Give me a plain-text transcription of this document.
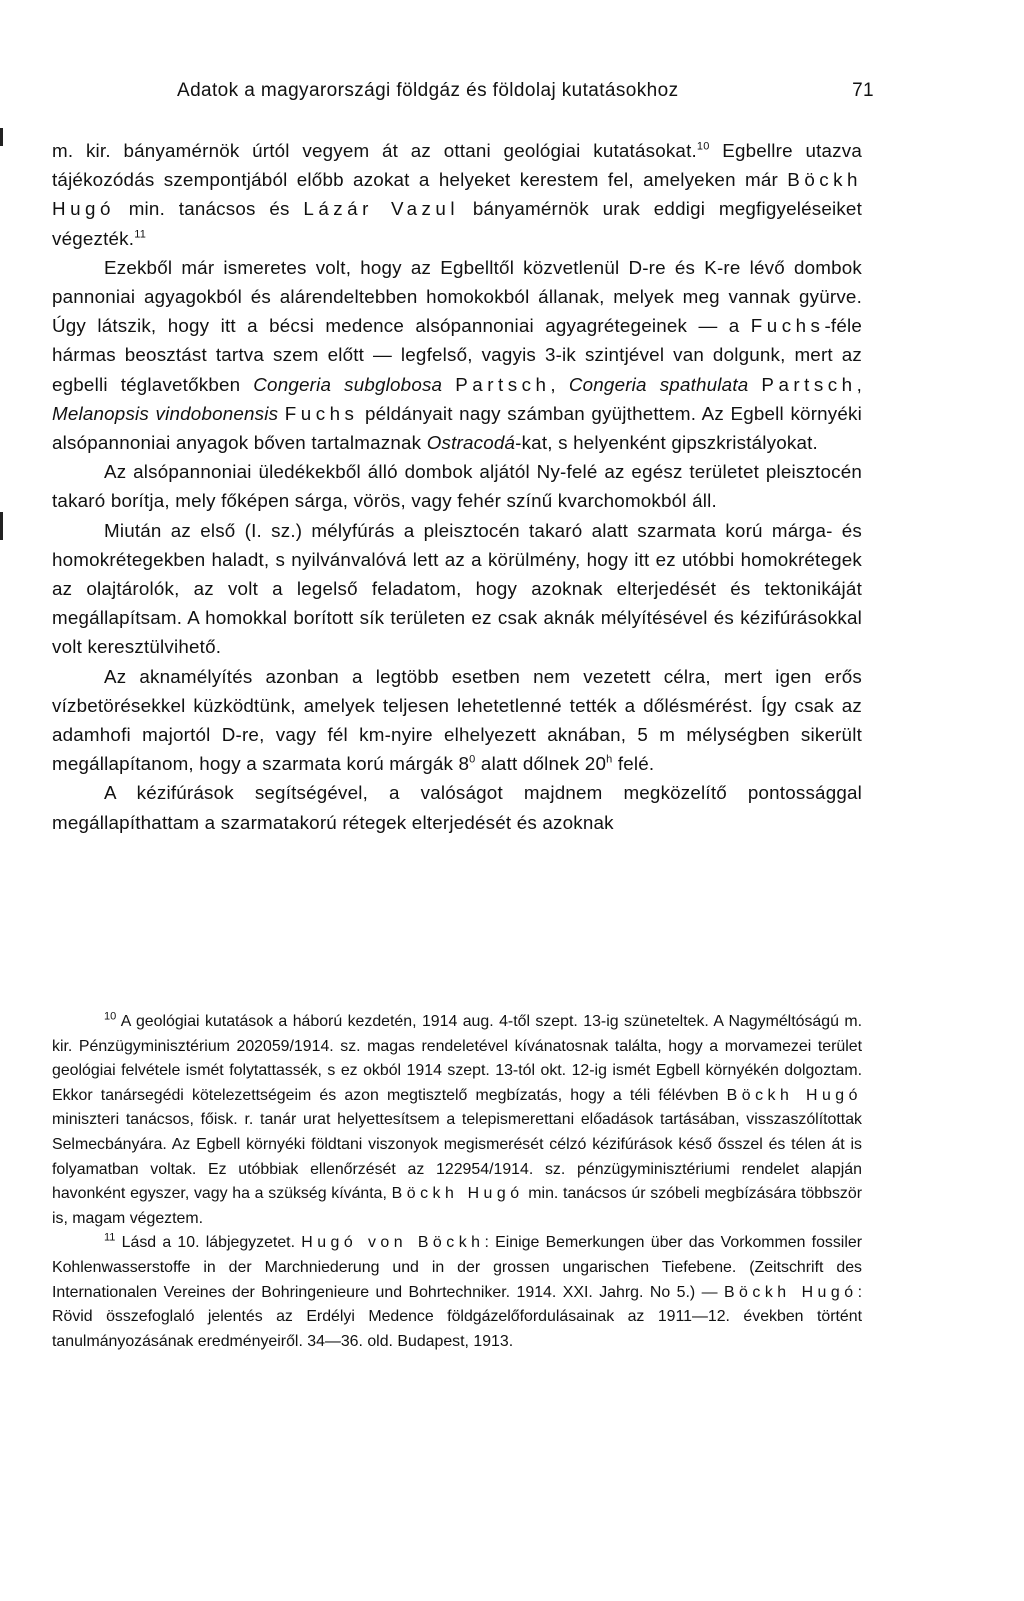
Adatok a magyarországi földgáz és földolaj kutatásokhoz	71

m. kir. bányamérnök úrtól vegyem át az ottani geológiai kutatásokat.$^{10}$ Egbellre utazva tájékozódás szempontjából előbb azokat a helyeket kerestem fel, amelyeken már Böckh Hugó min. tanácsos és Lázár Vazul bányamérnök urak eddigi megfigyeléseiket végezték.$^{11}$

Ezekből már ismeretes volt, hogy az Egbelltől közvetlenül D-re és K-re lévő dombok pannoniai agyagokból és alárendeltebben homokokból állanak, melyek meg vannak gyürve. Úgy látszik, hogy itt a bécsi medence alsópannoniai agyagrétegeinek — a Fuchs-féle hármas beosztást tartva szem előtt — legfelső, vagyis 3-ik szintjével van dolgunk, mert az egbelli téglavetőkben Congeria subglobosa Partsch, Congeria spathulata Partsch, Melanopsis vindobonensis Fuchs példányait nagy számban gyüjthettem. Az Egbell környéki alsópannoniai anyagok bőven tartalmaznak Ostracodá-kat, s helyenként gipszkristályokat.

Az alsópannoniai üledékekből álló dombok aljától Ny-felé az egész területet pleisztocén takaró borítja, mely főképen sárga, vörös, vagy fehér színű kvarchomokból áll.

Miután az első (I. sz.) mélyfúrás a pleisztocén takaró alatt szarmata korú márga- és homokrétegekben haladt, s nyilvánvalóvá lett az a körülmény, hogy itt ez utóbbi homokrétegek az olajtárolók, az volt a legelső feladatom, hogy azoknak elterjedését és tektonikáját megállapítsam. A homokkal borított sík területen ez csak aknák mélyítésével és kézifúrásokkal volt keresztülvihető.

Az aknamélyítés azonban a legtöbb esetben nem vezetett célra, mert igen erős vízbetörésekkel küzködtünk, amelyek teljesen lehetetlenné tették a dőlésmérést. Így csak az adamhofi majortól D-re, vagy fél km-nyire elhelyezett aknában, 5 m mélységben sikerült megállapítanom, hogy a szarmata korú márgák $8^0$ alatt dőlnek 20$^h$ felé.

A kézifúrások segítségével, a valóságot majdnem megközelítő pontossággal megállapíthattam a szarmatakorú rétegek elterjedését és azoknak

$^{10}$ A geológiai kutatások a háború kezdetén, 1914 aug. 4-től szept. 13-ig szüneteltek. A Nagyméltóságú m. kir. Pénzügyminisztérium 202059/1914. sz. magas rendeletével kívánatosnak találta, hogy a morvamezei terület geológiai felvétele ismét folytattassék, s ez okból 1914 szept. 13-tól okt. 12-ig ismét Egbell környékén dolgoztam. Ekkor tanársegédi kötelezettségeim és azon megtisztelő megbízatás, hogy a téli félévben Böckh Hugó miniszteri tanácsos, főisk. r. tanár urat helyettesítsem a telepismerettani előadások tartásában, visszaszólítottak Selmecbányára. Az Egbell környéki földtani viszonyok megismerését célzó kézifúrások késő ősszel és télen át is folyamatban voltak. Ez utóbbiak ellenőrzését az 122954/1914. sz. pénzügyminisztériumi rendelet alapján havonként egyszer, vagy ha a szükség kívánta, Böckh Hugó min. tanácsos úr szóbeli megbízására többször is, magam végeztem.

$^{11}$ Lásd a 10. lábjegyzetet. Hugó von Böckh: Einige Bemerkungen über das Vorkommen fossiler Kohlenwasserstoffe in der Marchniederung und in der grossen ungarischen Tiefebene. (Zeitschrift des Internationalen Vereines der Bohringenieure und Bohrtechniker. 1914. XXI. Jahrg. No 5.) — Böckh Hugó: Rövid összefoglaló jelentés az Erdélyi Medence földgázelőfordulásainak az 1911—12. években történt tanulmányozásának eredményeiről. 34—36. old. Budapest, 1913.
